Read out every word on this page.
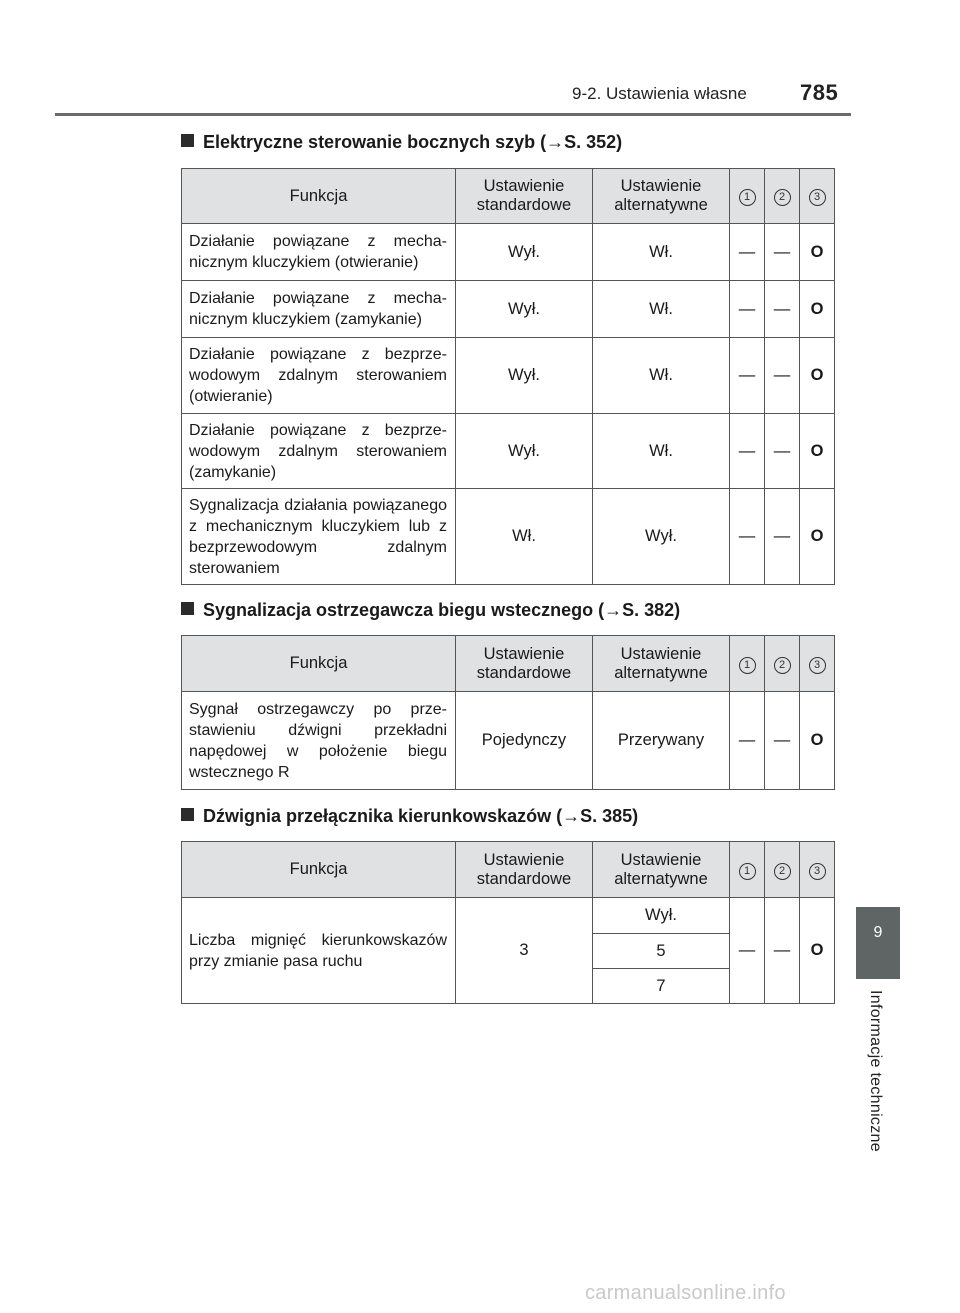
9-2. Ustawienia własne 785
9
Informacje techniczne
Elektryczne sterowanie bocznych szyb (→S. 352)
Funkcja	Ustawienie standardowe	Ustawienie alternatywne	1	2	3
Działanie powiązane z mechanicznym kluczykiem (otwieranie)	Wył.	Wł.	—	—	O
Działanie powiązane z mechanicznym kluczykiem (zamykanie)	Wył.	Wł.	—	—	O
Działanie powiązane z bezprzewodowym zdalnym sterowaniem (otwieranie)	Wył.	Wł.	—	—	O
Działanie powiązane z bezprzewodowym zdalnym sterowaniem (zamykanie)	Wył.	Wł.	—	—	O
Sygnalizacja działania powiązanego z mechanicznym kluczykiem lub z bezprzewodowym zdalnym sterowaniem	Wł.	Wył.	—	—	O
Sygnalizacja ostrzegawcza biegu wstecznego (→S. 382)
Funkcja	Ustawienie standardowe	Ustawienie alternatywne	1	2	3
Sygnał ostrzegawczy po przestawieniu dźwigni przekładni napędowej w położenie biegu wstecznego R	Pojedynczy	Przerywany	—	—	O
Dźwignia przełącznika kierunkowskazów (→S. 385)
Funkcja	Ustawienie standardowe	Ustawienie alternatywne	1	2	3
Liczba mignięć kierunkowskazów przy zmianie pasa ruchu	3	Wył.	—	—	O
		5			
		7			
carmanualsonline.info
